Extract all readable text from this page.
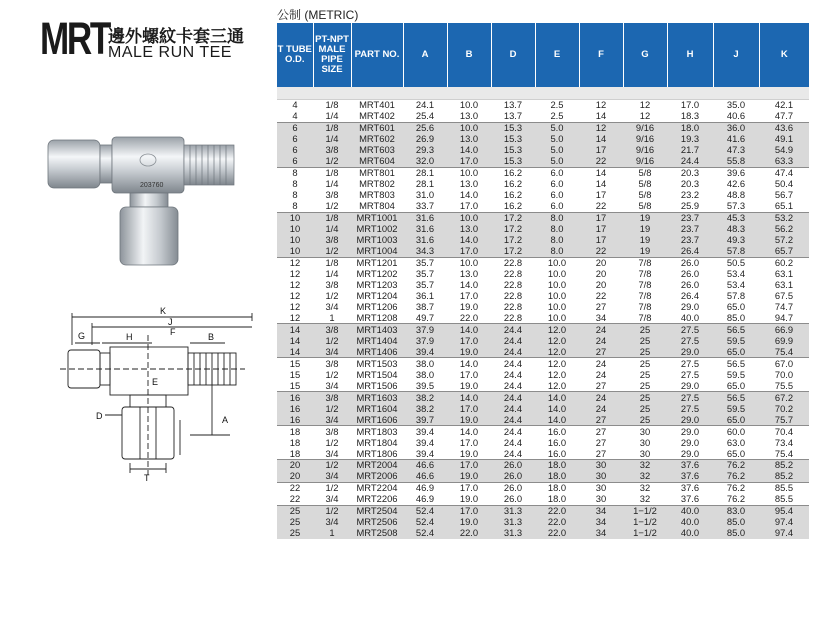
MRT
邊外螺紋卡套三通
MALE RUN TEE
203760
K
J
G	H	F	B
E
A
D
T
公制 (METRIC)
T TUBE O.D.	PT-NPT MALE PIPE SIZE	PART NO.	A	B	D	E	F	G	H	J	K

4	1/8	MRT401	24.1	10.0	13.7	2.5	12	12	17.0	35.0	42.1
4	1/4	MRT402	25.4	13.0	13.7	2.5	14	12	18.3	40.6	47.7
6	1/8	MRT601	25.6	10.0	15.3	5.0	12	9/16	18.0	36.0	43.6
6	1/4	MRT602	26.9	13.0	15.3	5.0	14	9/16	19.3	41.6	49.1
6	3/8	MRT603	29.3	14.0	15.3	5.0	17	9/16	21.7	47.3	54.9
6	1/2	MRT604	32.0	17.0	15.3	5.0	22	9/16	24.4	55.8	63.3
8	1/8	MRT801	28.1	10.0	16.2	6.0	14	5/8	20.3	39.6	47.4
8	1/4	MRT802	28.1	13.0	16.2	6.0	14	5/8	20.3	42.6	50.4
8	3/8	MRT803	31.0	14.0	16.2	6.0	17	5/8	23.2	48.8	56.7
8	1/2	MRT804	33.7	17.0	16.2	6.0	22	5/8	25.9	57.3	65.1
10	1/8	MRT1001	31.6	10.0	17.2	8.0	17	19	23.7	45.3	53.2
10	1/4	MRT1002	31.6	13.0	17.2	8.0	17	19	23.7	48.3	56.2
10	3/8	MRT1003	31.6	14.0	17.2	8.0	17	19	23.7	49.3	57.2
10	1/2	MRT1004	34.3	17.0	17.2	8.0	22	19	26.4	57.8	65.7
12	1/8	MRT1201	35.7	10.0	22.8	10.0	20	7/8	26.0	50.5	60.2
12	1/4	MRT1202	35.7	13.0	22.8	10.0	20	7/8	26.0	53.4	63.1
12	3/8	MRT1203	35.7	14.0	22.8	10.0	20	7/8	26.0	53.4	63.1
12	1/2	MRT1204	36.1	17.0	22.8	10.0	22	7/8	26.4	57.8	67.5
12	3/4	MRT1206	38.7	19.0	22.8	10.0	27	7/8	29.0	65.0	74.7
12	1	MRT1208	49.7	22.0	22.8	10.0	34	7/8	40.0	85.0	94.7
14	3/8	MRT1403	37.9	14.0	24.4	12.0	24	25	27.5	56.5	66.9
14	1/2	MRT1404	37.9	17.0	24.4	12.0	24	25	27.5	59.5	69.9
14	3/4	MRT1406	39.4	19.0	24.4	12.0	27	25	29.0	65.0	75.4
15	3/8	MRT1503	38.0	14.0	24.4	12.0	24	25	27.5	56.5	67.0
15	1/2	MRT1504	38.0	17.0	24.4	12.0	24	25	27.5	59.5	70.0
15	3/4	MRT1506	39.5	19.0	24.4	12.0	27	25	29.0	65.0	75.5
16	3/8	MRT1603	38.2	14.0	24.4	14.0	24	25	27.5	56.5	67.2
16	1/2	MRT1604	38.2	17.0	24.4	14.0	24	25	27.5	59.5	70.2
16	3/4	MRT1606	39.7	19.0	24.4	14.0	27	25	29.0	65.0	75.7
18	3/8	MRT1803	39.4	14.0	24.4	16.0	27	30	29.0	60.0	70.4
18	1/2	MRT1804	39.4	17.0	24.4	16.0	27	30	29.0	63.0	73.4
18	3/4	MRT1806	39.4	19.0	24.4	16.0	27	30	29.0	65.0	75.4
20	1/2	MRT2004	46.6	17.0	26.0	18.0	30	32	37.6	76.2	85.2
20	3/4	MRT2006	46.6	19.0	26.0	18.0	30	32	37.6	76.2	85.2
22	1/2	MRT2204	46.9	17.0	26.0	18.0	30	32	37.6	76.2	85.5
22	3/4	MRT2206	46.9	19.0	26.0	18.0	30	32	37.6	76.2	85.5
25	1/2	MRT2504	52.4	17.0	31.3	22.0	34	1−1/2	40.0	83.0	95.4
25	3/4	MRT2506	52.4	19.0	31.3	22.0	34	1−1/2	40.0	85.0	97.4
25	1	MRT2508	52.4	22.0	31.3	22.0	34	1−1/2	40.0	85.0	97.4
